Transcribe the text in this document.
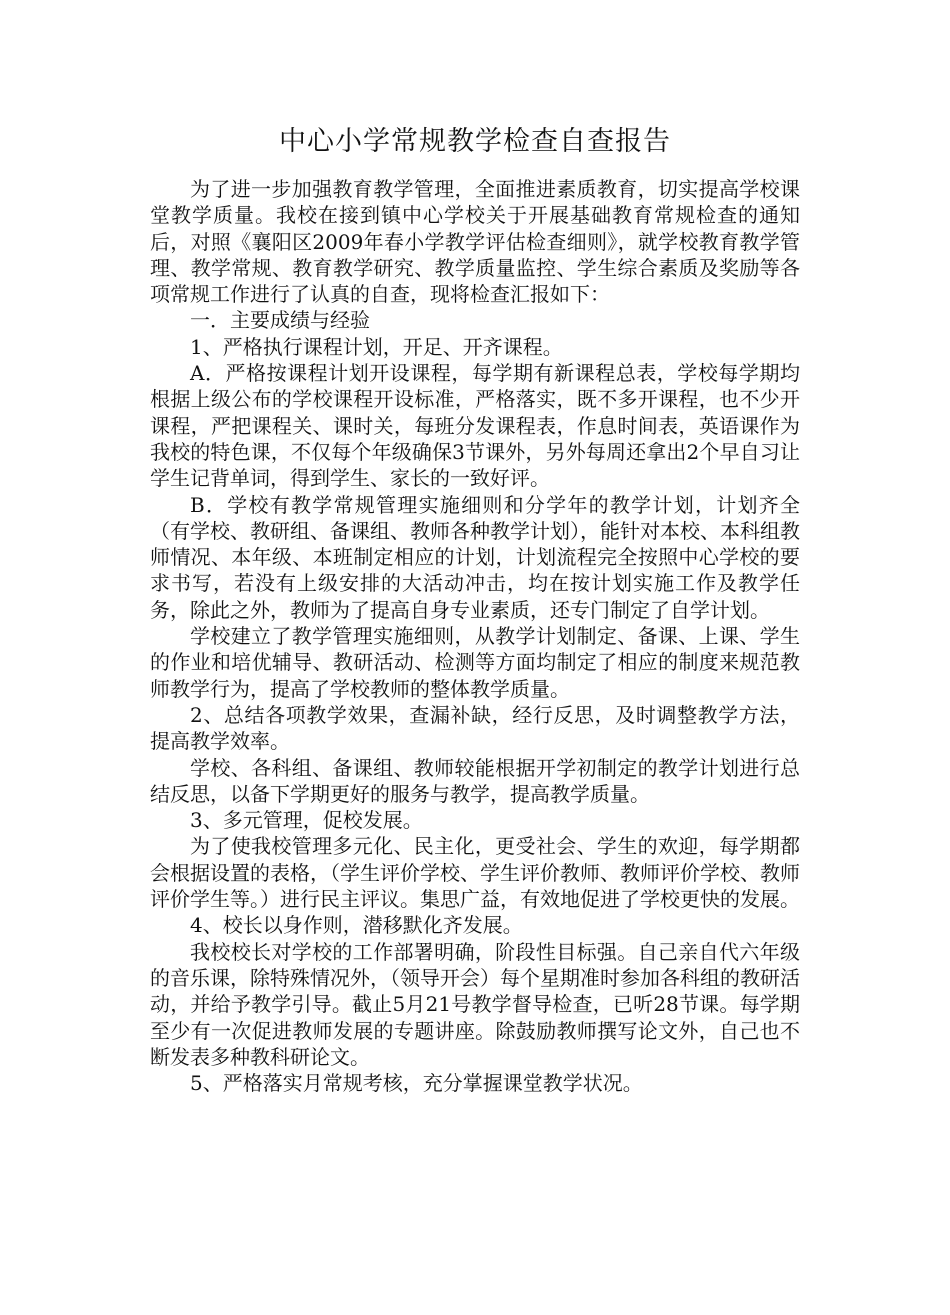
中心小学常规教学检查自查报告

为了进一步加强教育教学管理，全面推进素质教育，切实提高学校课堂教学质量。我校在接到镇中心学校关于开展基础教育常规检查的通知后，对照《襄阳区2009年春小学教学评估检查细则》，就学校教育教学管理、教学常规、教育教学研究、教学质量监控、学生综合素质及奖励等各项常规工作进行了认真的自查，现将检查汇报如下：

一．主要成绩与经验

1、严格执行课程计划，开足、开齐课程。

A．严格按课程计划开设课程，每学期有新课程总表，学校每学期均根据上级公布的学校课程开设标准，严格落实，既不多开课程，也不少开课程，严把课程关、课时关，每班分发课程表，作息时间表，英语课作为我校的特色课，不仅每个年级确保3节课外，另外每周还拿出2个早自习让学生记背单词，得到学生、家长的一致好评。

B．学校有教学常规管理实施细则和分学年的教学计划，计划齐全（有学校、教研组、备课组、教师各种教学计划），能针对本校、本科组教师情况、本年级、本班制定相应的计划，计划流程完全按照中心学校的要求书写，若没有上级安排的大活动冲击，均在按计划实施工作及教学任务，除此之外，教师为了提高自身专业素质，还专门制定了自学计划。

学校建立了教学管理实施细则，从教学计划制定、备课、上课、学生的作业和培优辅导、教研活动、检测等方面均制定了相应的制度来规范教师教学行为，提高了学校教师的整体教学质量。

2、总结各项教学效果，查漏补缺，经行反思，及时调整教学方法，提高教学效率。

学校、各科组、备课组、教师较能根据开学初制定的教学计划进行总结反思，以备下学期更好的服务与教学，提高教学质量。

3、多元管理，促校发展。

为了使我校管理多元化、民主化，更受社会、学生的欢迎，每学期都会根据设置的表格，（学生评价学校、学生评价教师、教师评价学校、教师评价学生等。）进行民主评议。集思广益，有效地促进了学校更快的发展。

4、校长以身作则，潜移默化齐发展。

我校校长对学校的工作部署明确，阶段性目标强。自己亲自代六年级的音乐课，除特殊情况外，（领导开会）每个星期准时参加各科组的教研活动，并给予教学引导。截止5月21号教学督导检查，已听28节课。每学期至少有一次促进教师发展的专题讲座。除鼓励教师撰写论文外，自己也不断发表多种教科研论文。

5、严格落实月常规考核，充分掌握课堂教学状况。
